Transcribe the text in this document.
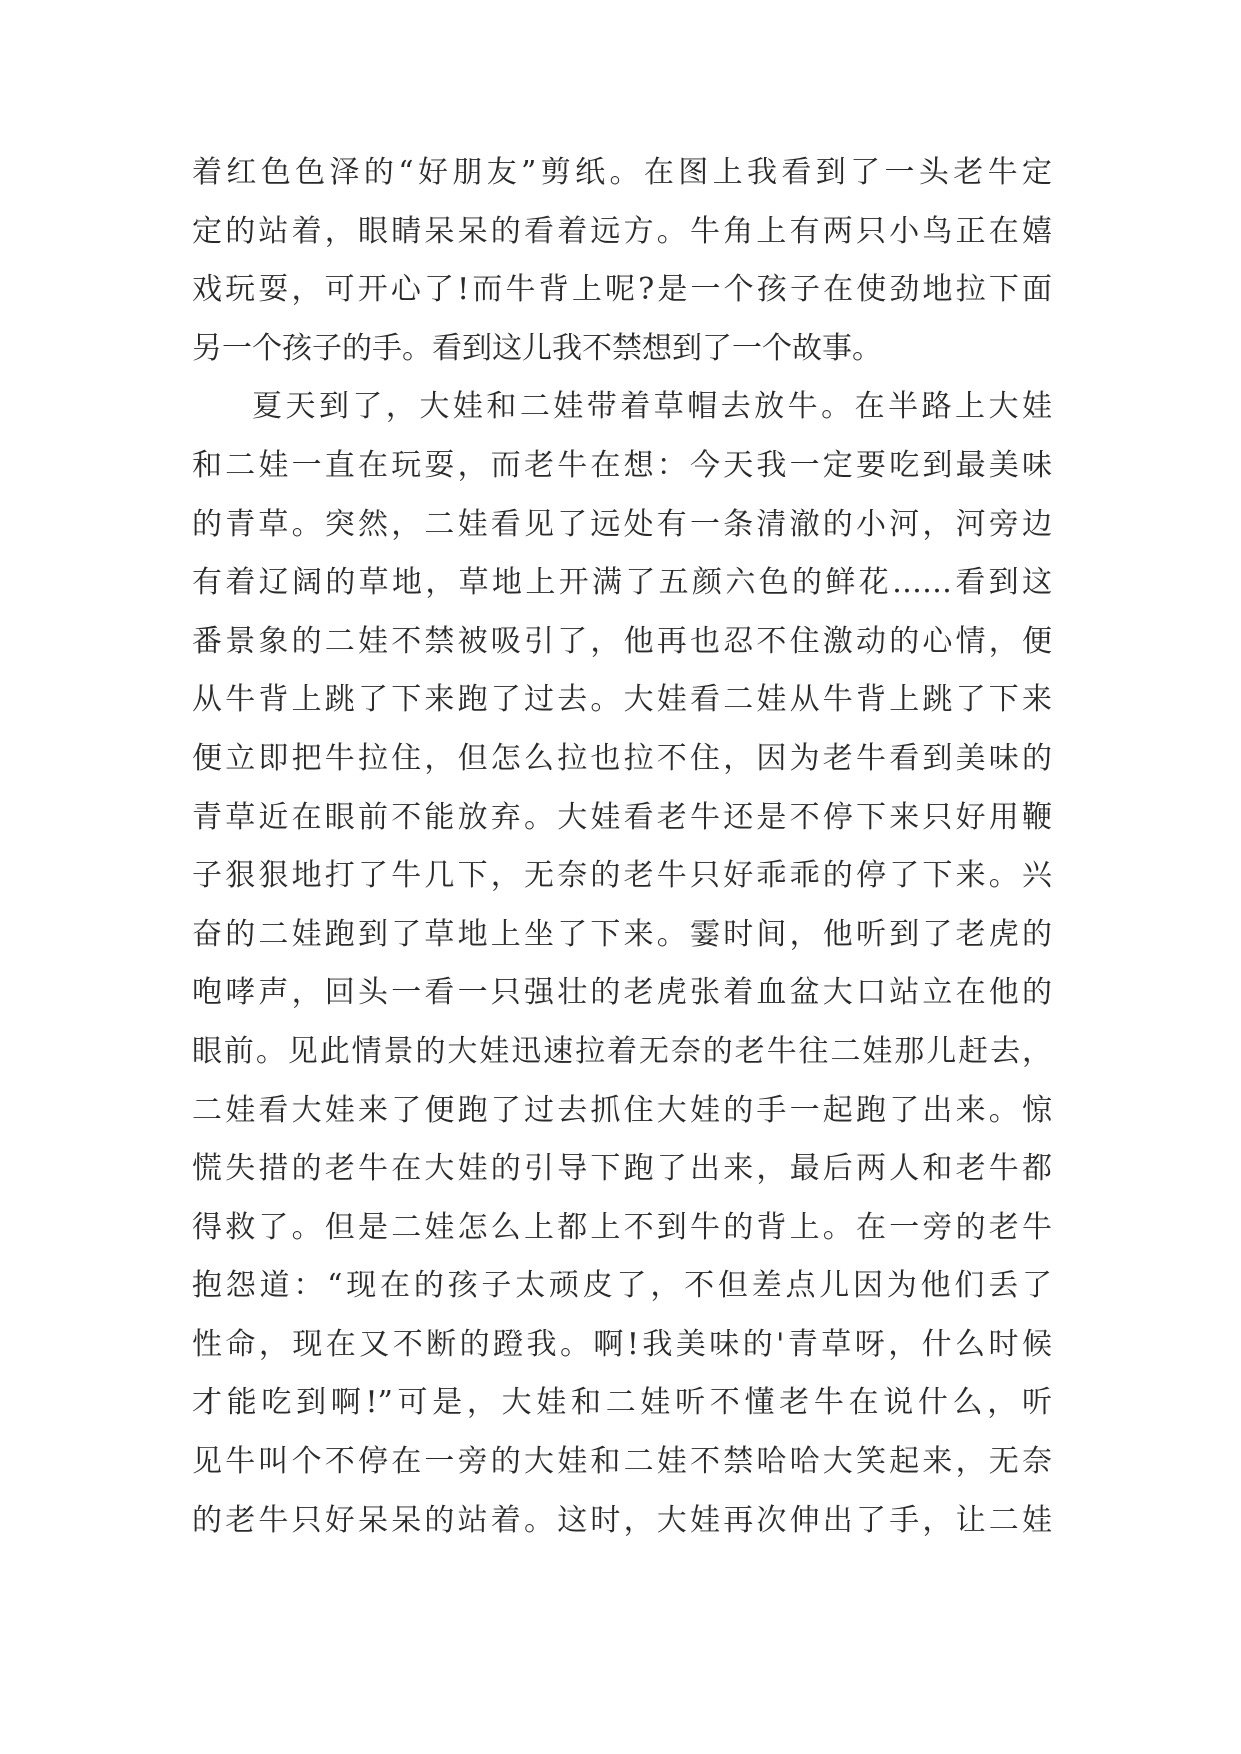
着红色色泽的“好朋友”剪纸。在图上我看到了一头老牛定
定的站着，眼睛呆呆的看着远方。牛角上有两只小鸟正在嬉
戏玩耍，可开心了!而牛背上呢?是一个孩子在使劲地拉下面
另一个孩子的手。看到这儿我不禁想到了一个故事。
夏天到了，大娃和二娃带着草帽去放牛。在半路上大娃
和二娃一直在玩耍，而老牛在想：今天我一定要吃到最美味
的青草。突然，二娃看见了远处有一条清澈的小河，河旁边
有着辽阔的草地，草地上开满了五颜六色的鲜花……看到这
番景象的二娃不禁被吸引了，他再也忍不住激动的心情，便
从牛背上跳了下来跑了过去。大娃看二娃从牛背上跳了下来
便立即把牛拉住，但怎么拉也拉不住，因为老牛看到美味的
青草近在眼前不能放弃。大娃看老牛还是不停下来只好用鞭
子狠狠地打了牛几下，无奈的老牛只好乖乖的停了下来。兴
奋的二娃跑到了草地上坐了下来。霎时间，他听到了老虎的
咆哮声，回头一看一只强壮的老虎张着血盆大口站立在他的
眼前。见此情景的大娃迅速拉着无奈的老牛往二娃那儿赶去，
二娃看大娃来了便跑了过去抓住大娃的手一起跑了出来。惊
慌失措的老牛在大娃的引导下跑了出来，最后两人和老牛都
得救了。但是二娃怎么上都上不到牛的背上。在一旁的老牛
抱怨道：“现在的孩子太顽皮了，不但差点儿因为他们丢了
性命，现在又不断的蹬我。啊!我美味的'青草呀，什么时候
才能吃到啊!”可是，大娃和二娃听不懂老牛在说什么，听
见牛叫个不停在一旁的大娃和二娃不禁哈哈大笑起来，无奈
的老牛只好呆呆的站着。这时，大娃再次伸出了手，让二娃
